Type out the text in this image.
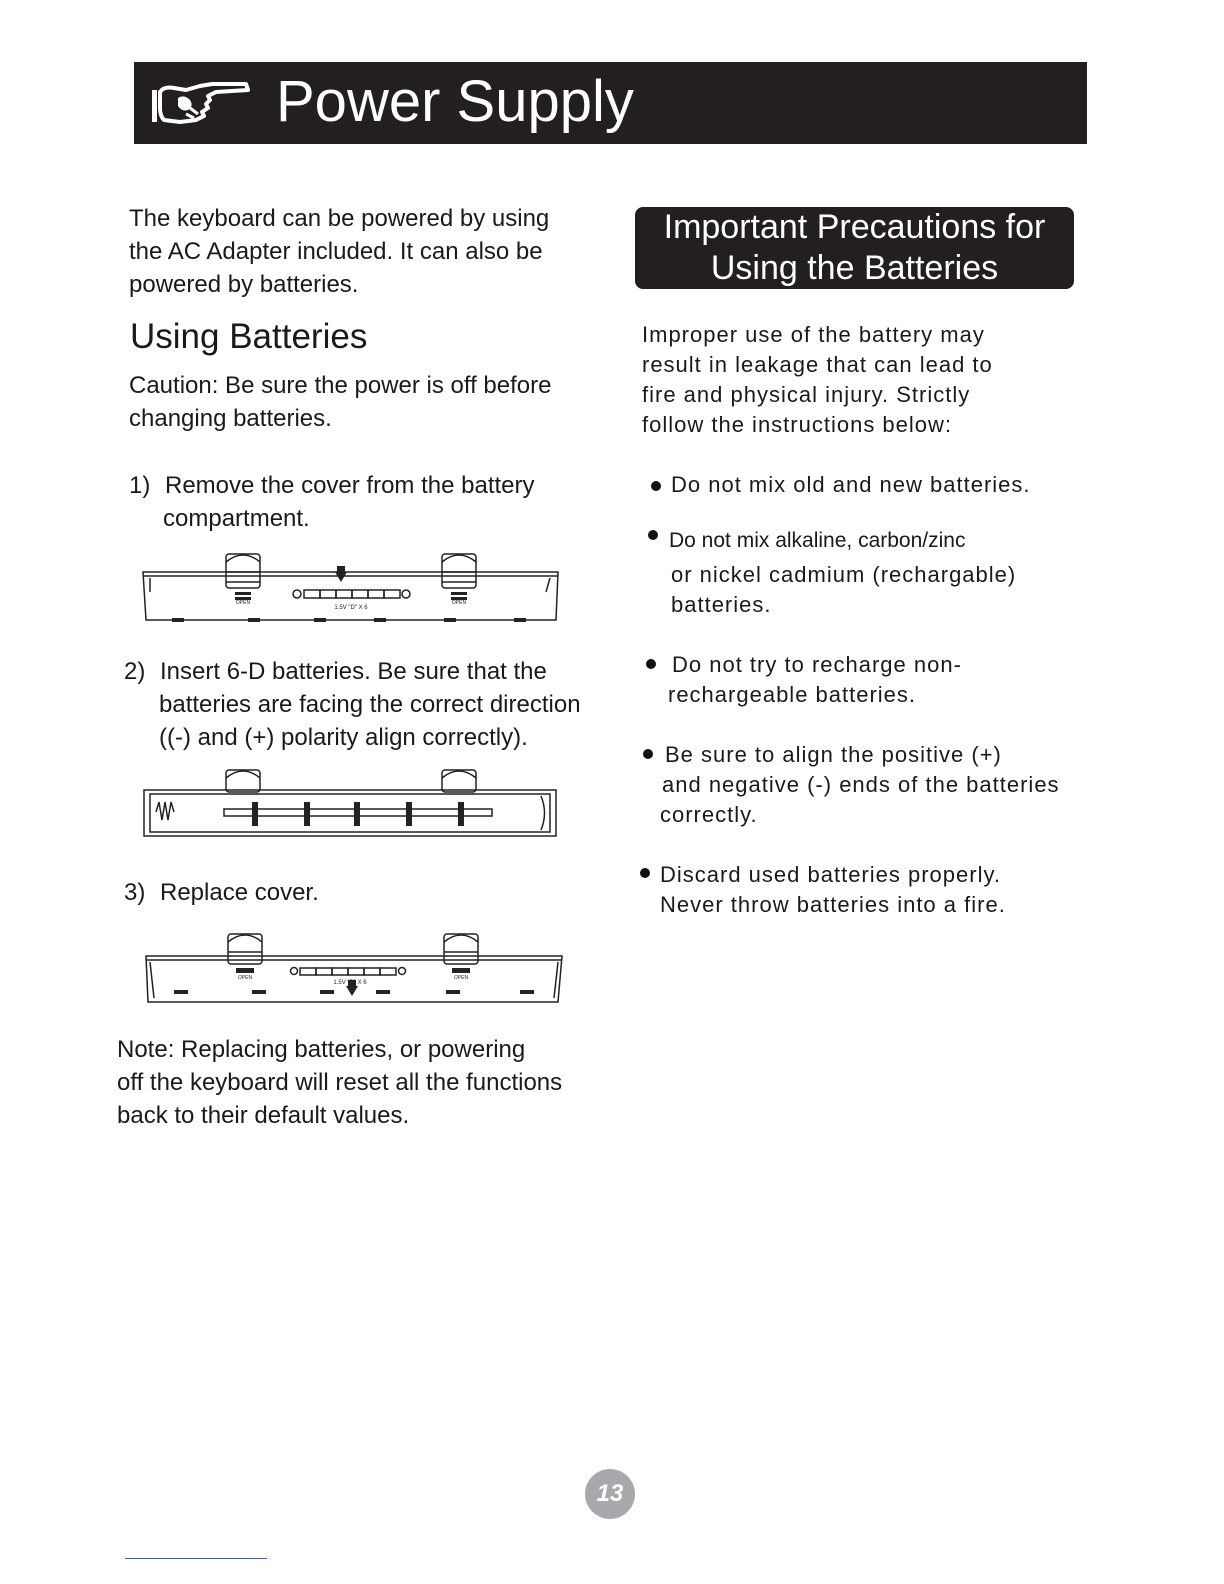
Power Supply
The keyboard can be powered by using
the AC Adapter included. It can also be
powered by batteries.
Using Batteries
Caution: Be sure the power is off before
changing batteries.
1) Remove the cover from the battery
compartment.
OPEN	OPEN
1.5V "D" X 6
2) Insert 6-D batteries. Be sure that the
batteries are facing the correct direction
((-) and (+) polarity align correctly).
3) Replace cover.
OPEN	OPEN
1.5V "D" X 6
Note: Replacing batteries, or powering
off the keyboard will reset all the functions
back to their default values.
Important Precautions for
Using the Batteries
Improper use of the battery may
result in leakage that can lead to
fire and physical injury. Strictly
follow the instructions below:
Do not mix old and new batteries.
Do not mix alkaline, carbon/zinc
or nickel cadmium (rechargable)
batteries.
Do not try to recharge non-
rechargeable batteries.
Be sure to align the positive (+)
and negative (-) ends of the batteries
correctly.
Discard used batteries properly.
Never throw batteries into a fire.
13
